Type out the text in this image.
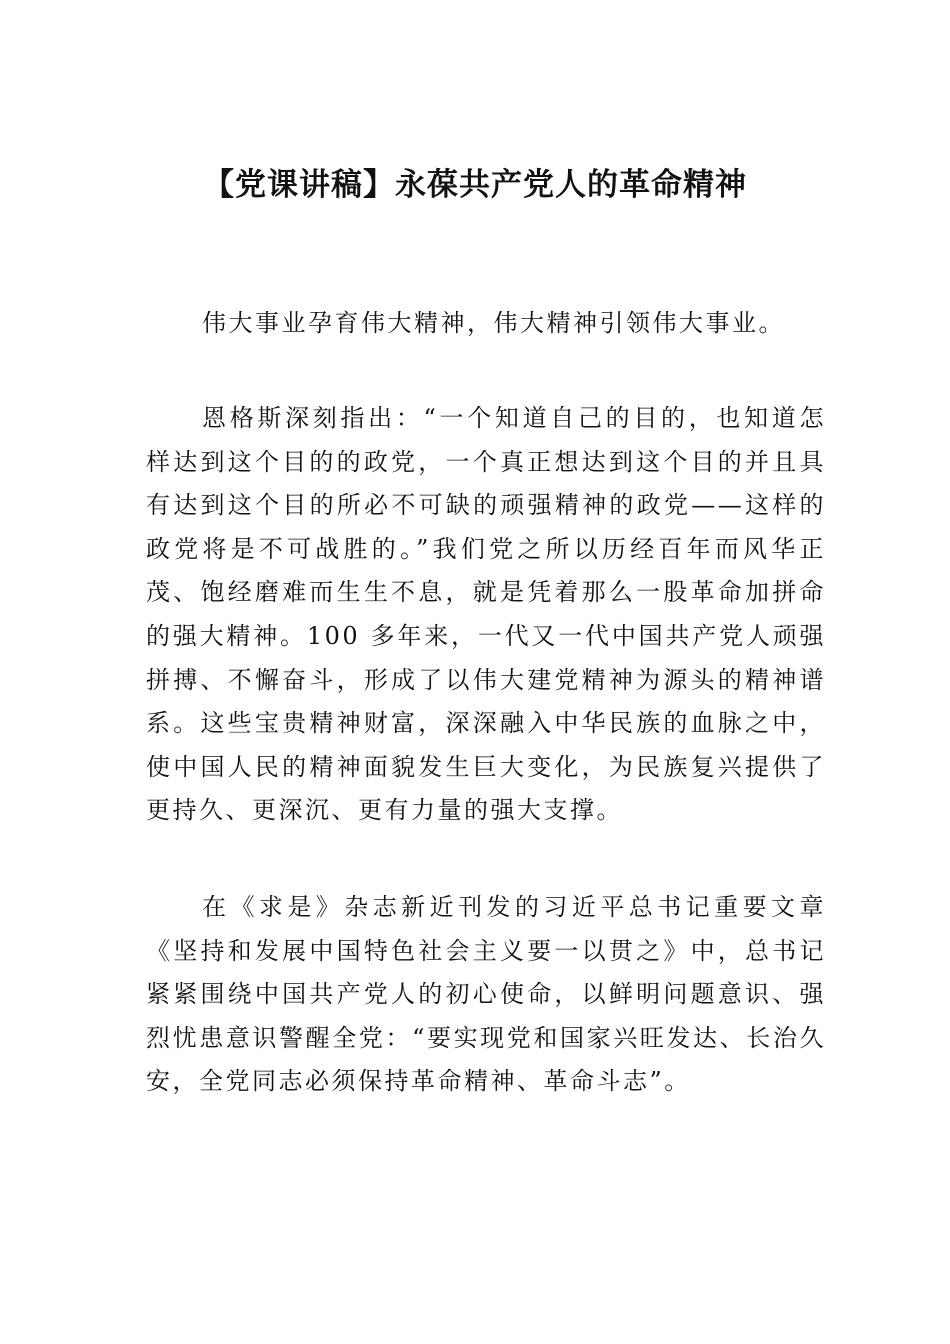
【党课讲稿】永葆共产党人的革命精神

伟大事业孕育伟大精神，伟大精神引领伟大事业。

恩格斯深刻指出：“一个知道自己的目的，也知道怎样达到这个目的的政党，一个真正想达到这个目的并且具有达到这个目的所必不可缺的顽强精神的政党——这样的政党将是不可战胜的。”我们党之所以历经百年而风华正茂、饱经磨难而生生不息，就是凭着那么一股革命加拼命的强大精神。100 多年来，一代又一代中国共产党人顽强拼搏、不懈奋斗，形成了以伟大建党精神为源头的精神谱系。这些宝贵精神财富，深深融入中华民族的血脉之中，使中国人民的精神面貌发生巨大变化，为民族复兴提供了更持久、更深沉、更有力量的强大支撑。

在《求是》杂志新近刊发的习近平总书记重要文章《坚持和发展中国特色社会主义要一以贯之》中，总书记紧紧围绕中国共产党人的初心使命，以鲜明问题意识、强烈忧患意识警醒全党：“要实现党和国家兴旺发达、长治久安，全党同志必须保持革命精神、革命斗志”。
